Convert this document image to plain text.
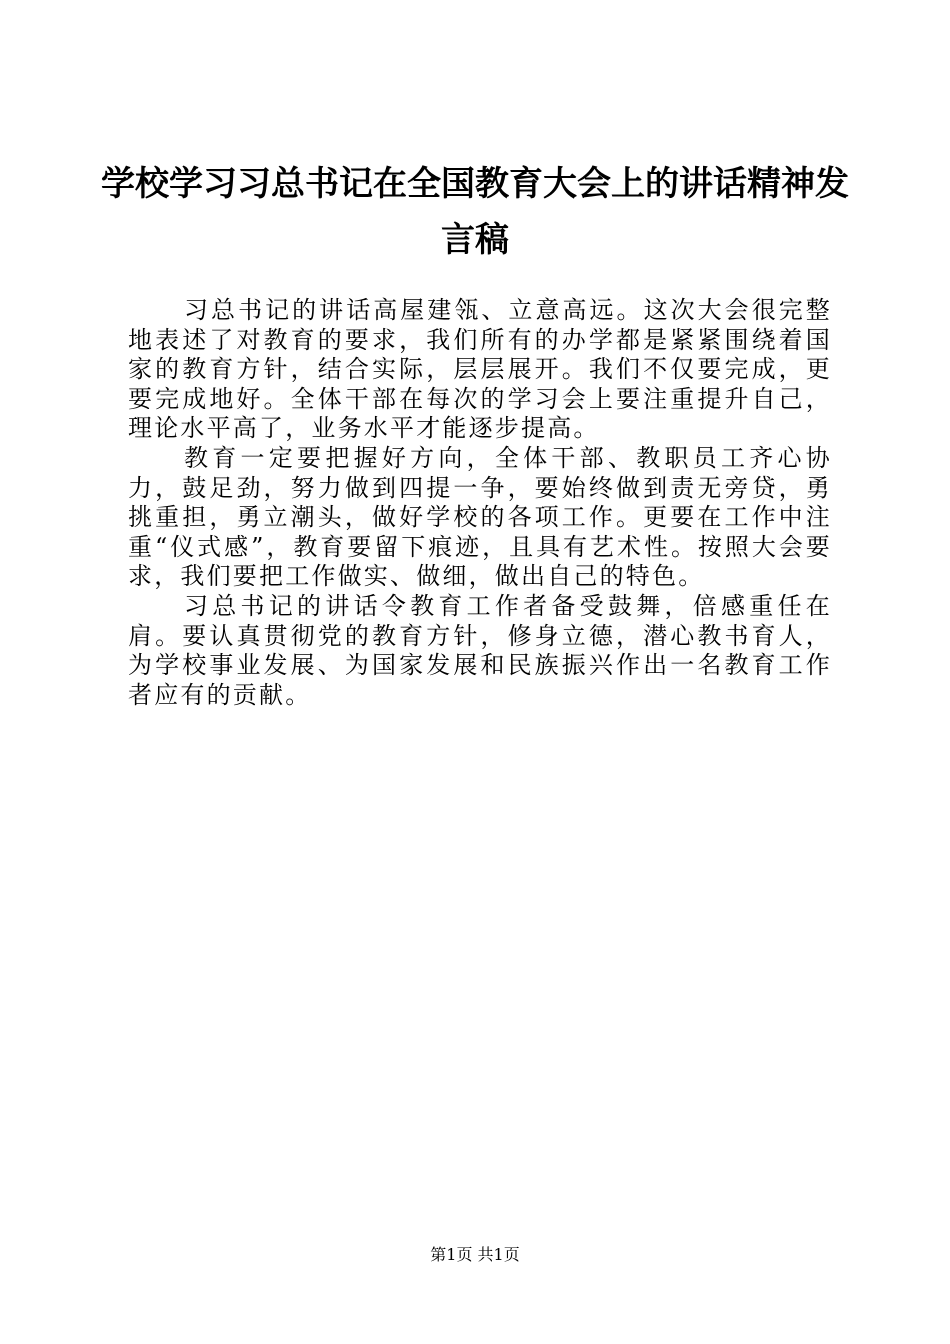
学校学习习总书记在全国教育大会上的讲话精神发言稿

习总书记的讲话高屋建瓴、立意高远。这次大会很完整地表述了对教育的要求，我们所有的办学都是紧紧围绕着国家的教育方针，结合实际，层层展开。我们不仅要完成，更要完成地好。全体干部在每次的学习会上要注重提升自己，理论水平高了，业务水平才能逐步提高。

教育一定要把握好方向，全体干部、教职员工齐心协力，鼓足劲，努力做到四提一争，要始终做到责无旁贷，勇挑重担，勇立潮头，做好学校的各项工作。更要在工作中注重“仪式感”，教育要留下痕迹，且具有艺术性。按照大会要求，我们要把工作做实、做细，做出自己的特色。

习总书记的讲话令教育工作者备受鼓舞，倍感重任在肩。要认真贯彻党的教育方针，修身立德，潜心教书育人，为学校事业发展、为国家发展和民族振兴作出一名教育工作者应有的贡献。

第1页 共1页
